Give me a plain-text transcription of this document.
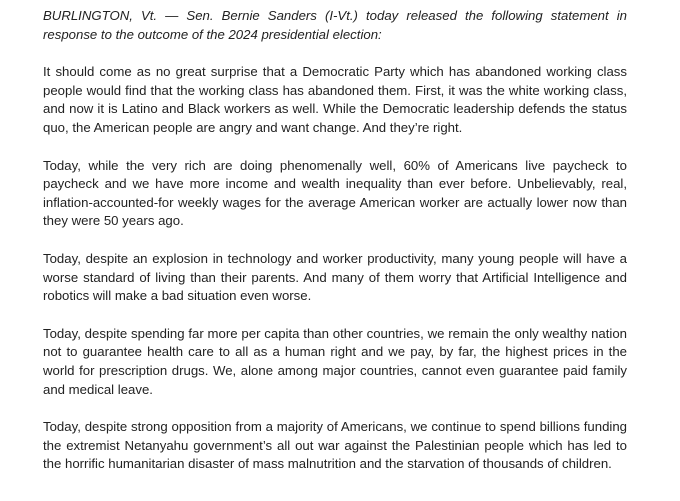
BURLINGTON, Vt. — Sen. Bernie Sanders (I-Vt.) today released the following statement in response to the outcome of the 2024 presidential election:

It should come as no great surprise that a Democratic Party which has abandoned working class people would find that the working class has abandoned them. First, it was the white working class, and now it is Latino and Black workers as well. While the Democratic leadership defends the status quo, the American people are angry and want change. And they’re right.

Today, while the very rich are doing phenomenally well, 60% of Americans live paycheck to paycheck and we have more income and wealth inequality than ever before. Unbelievably, real, inflation-accounted-for weekly wages for the average American worker are actually lower now than they were 50 years ago.

Today, despite an explosion in technology and worker productivity, many young people will have a worse standard of living than their parents. And many of them worry that Artificial Intelligence and robotics will make a bad situation even worse.

Today, despite spending far more per capita than other countries, we remain the only wealthy nation not to guarantee health care to all as a human right and we pay, by far, the highest prices in the world for prescription drugs. We, alone among major countries, cannot even guarantee paid family and medical leave.

Today, despite strong opposition from a majority of Americans, we continue to spend billions funding the extremist Netanyahu government’s all out war against the Palestinian people which has led to the horrific humanitarian disaster of mass malnutrition and the starvation of thousands of children.
